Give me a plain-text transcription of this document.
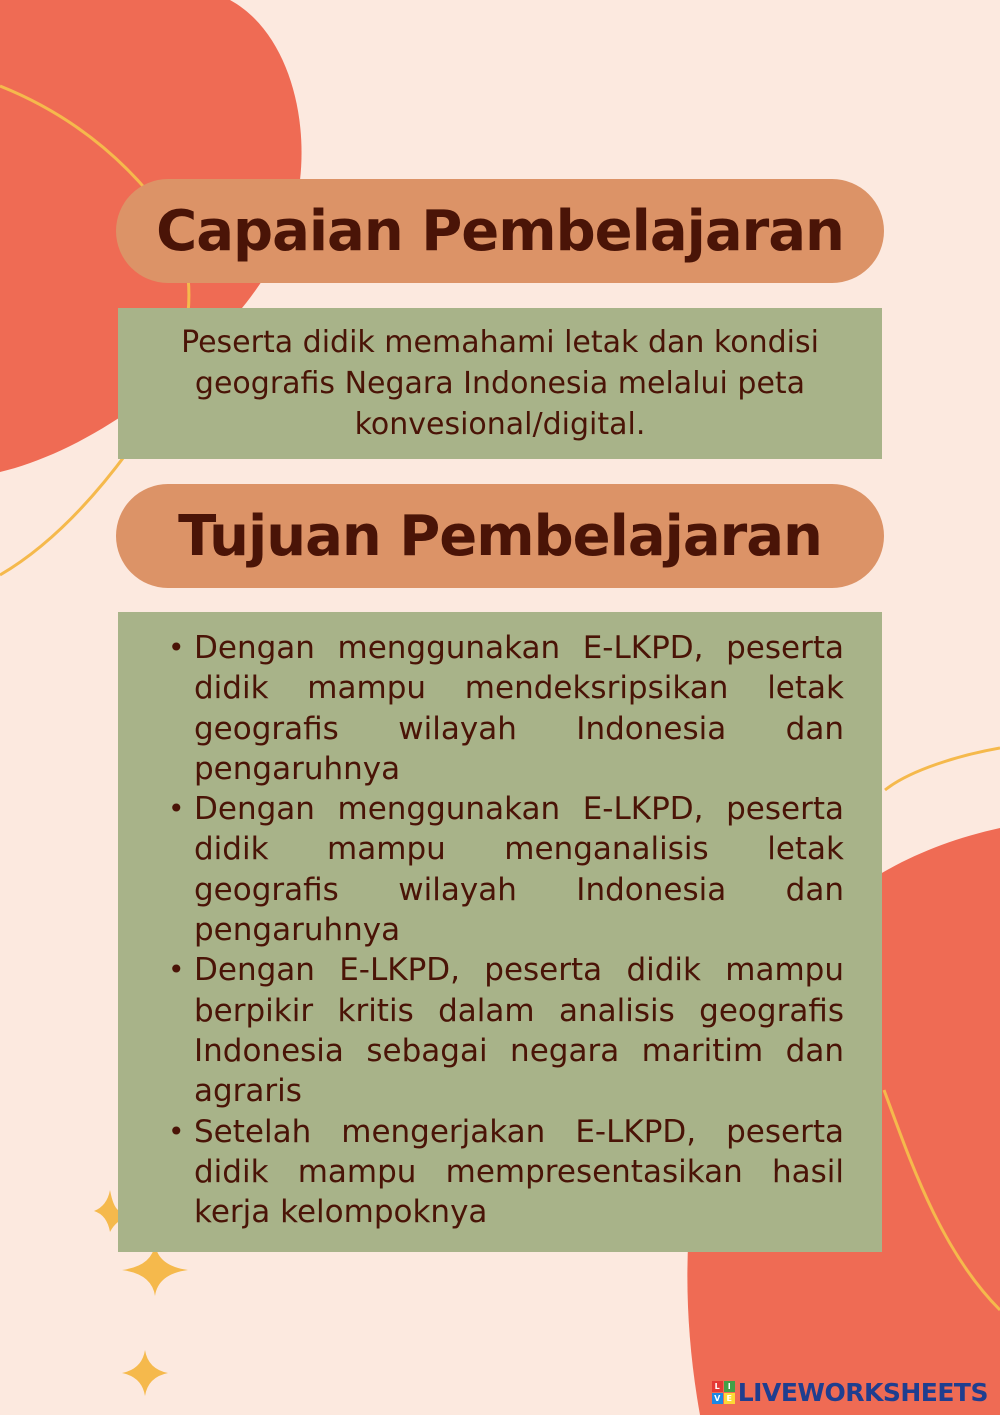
Capaian Pembelajaran
Peserta didik memahami letak dan kondisi geografis Negara Indonesia melalui peta konvesional/digital.
Tujuan Pembelajaran
• Dengan menggunakan E-LKPD, peserta didik mampu mendeksripsikan letak geografis wilayah Indonesia dan pengaruhnya
• Dengan menggunakan E-LKPD, peserta didik mampu menganalisis letak geografis wilayah Indonesia dan pengaruhnya
• Dengan E-LKPD, peserta didik mampu berpikir kritis dalam analisis geografis Indonesia sebagai negara maritim dan agraris
• Setelah mengerjakan E-LKPD, peserta didik mampu mempresentasikan hasil kerja kelompoknya
L I
V E LIVEWORKSHEETS
